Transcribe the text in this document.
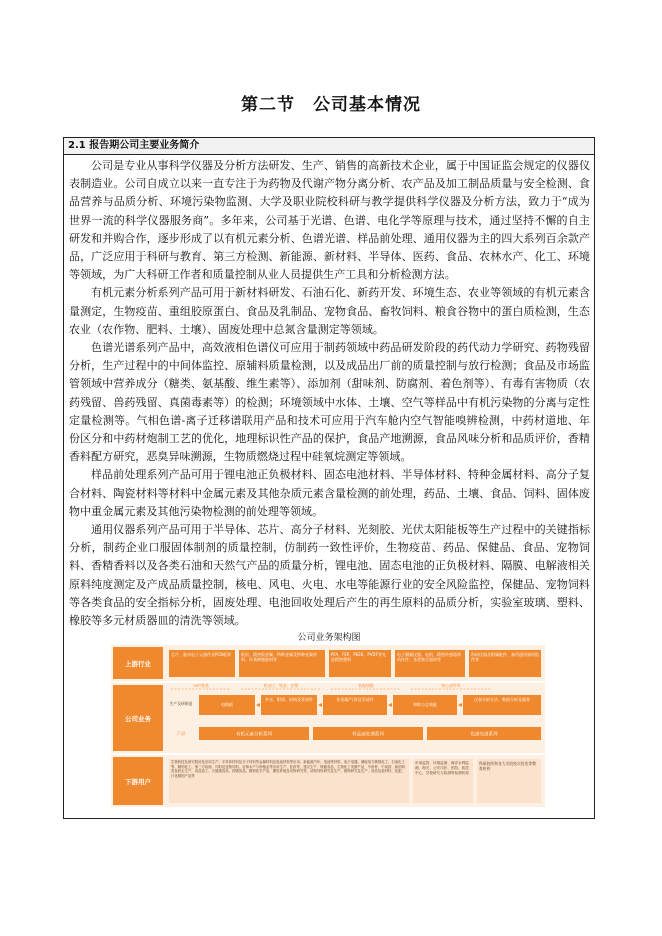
第二节　公司基本情况
2.1 报告期公司主要业务简介

公司是专业从事科学仪器及分析方法研发、生产、销售的高新技术企业，属于中国证监会规定的仪器仪表制造业。公司自成立以来一直专注于为药物及代谢产物分离分析、农产品及加工制品质量与安全检测、食品营养与品质分析、环境污染物监测、大学及职业院校科研与教学提供科学仪器及分析方法，致力于“成为世界一流的科学仪器服务商”。多年来，公司基于光谱、色谱、电化学等原理与技术，通过坚持不懈的自主研发和并购合作，逐步形成了以有机元素分析、色谱光谱、样品前处理、通用仪器为主的四大系列百余款产品，广泛应用于科研与教育、第三方检测、新能源、新材料、半导体、医药、食品、农林水产、化工、环境等领域，为广大科研工作者和质量控制从业人员提供生产工具和分析检测方法。

有机元素分析系列产品可用于新材料研发、石油石化、新药开发、环境生态、农业等领域的有机元素含量测定，生物疫苗、重组胶原蛋白、食品及乳制品、宠物食品、畜牧饲料、粮食谷物中的蛋白质检测，生态农业（农作物、肥料、土壤）、固废处理中总氮含量测定等领域。

色谱光谱系列产品中，高效液相色谱仪可应用于制药领域中药品研发阶段的药代动力学研究、药物残留分析，生产过程中的中间体监控、原辅料质量检测，以及成品出厂前的质量控制与放行检测；食品及市场监管领域中营养成分（糖类、氨基酸、维生素等）、添加剂（甜味剂、防腐剂、着色剂等）、有毒有害物质（农药残留、兽药残留、真菌毒素等）的检测；环境领域中水体、土壤、空气等样品中有机污染物的分离与定性定量检测等。气相色谱-离子迁移谱联用产品和技术可应用于汽车舱内空气智能嗅辨检测，中药材道地、年份区分和中药材炮制工艺的优化，地理标识性产品的保护，食品产地溯源，食品风味分析和品质评价，香精香料配方研究，恶臭异味溯源，生物质燃烧过程中硅氧烷测定等领域。

样品前处理系列产品可用于锂电池正负极材料、固态电池材料、半导体材料、特种金属材料、高分子复合材料、陶瓷材料等材料中金属元素及其他杂质元素含量检测的前处理，药品、土壤、食品、饲料、固体废物中重金属元素及其他污染物检测的前处理等领域。

通用仪器系列产品可用于半导体、芯片、高分子材料、光刻胶、光伏太阳能板等生产过程中的关键指标分析，制药企业口服固体制剂的质量控制，仿制药一致性评价，生物疫苗、药品、保健品、食品、宠物饲料、香精香料以及各类石油和天然气产品的质量分析，锂电池、固态电池的正负极材料、隔膜、电解液相关原料纯度测定及产成品质量控制，核电、风电、火电、水电等能源行业的安全风险监控，保健品、宠物饲料等各类食品的安全指标分析，固废处理、电池回收处理后产生的再生原料的品质分析，实验室玻璃、塑料、橡胶等多元材质器皿的清洗等领域。

公司业务架构图
上游行业
公司业务
下游用户
芯片、驱动电子元器件及PCB板等	板材、精密钣金属、特种金属及特种金属材料、环氧树脂胶料等
PFA、FEP、PEEK、PVDF等先进精密塑料
电子测量仪器、电机、精密传感器和动作件、各类集合器材等
科研仪器及附属配件、备用通用器材组件等
SMT贴装	机加工、钣金、注塑	装配调整	核心部件等
生产及研制造	电路板
外壳、附部、结构及零部件	非金属/气体及零部件
和辩与总装配
仪表分析方法、数据分析及服务
产品	有机元素分析系列	样品前处理系列	色谱光谱系列
生物科技及研究院所及应用生产，半导体材料及分子材料等金属材料及电池材料等应用，新能源汽车、电池等材料、电子电器、储能电力精细化工、石油化工等、精细化工、第三方检测、饲料及宠物饲料、农林水产与种植业等应用生产、医药等，建议生产、保健食品，生物化工发酵产品，中药材、中成药、新药研发及药企生产，食品加工、大健康食品、药膳食品、精细化学产品，畜牧养殖及动物研究等，动物饲料研究及生产，植物研究及生产，食品包装材料、化肥、日化精细产品等
市场监管、环境监测、海洋水利监测、海关、公安司法、医院、疾控中心、学校研究与检测等检测机构
科研院所和各大专院校实验室等教育机构
